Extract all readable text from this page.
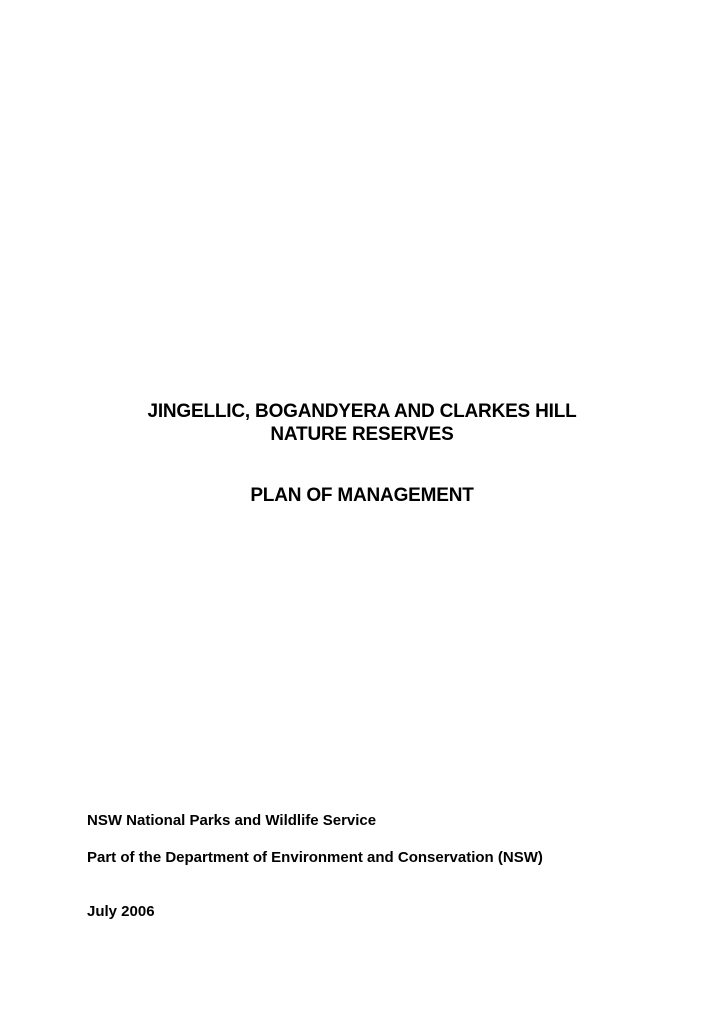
JINGELLIC, BOGANDYERA AND CLARKES HILL
NATURE RESERVES
PLAN OF MANAGEMENT
NSW National Parks and Wildlife Service
Part of the Department of Environment and Conservation (NSW)
July 2006
